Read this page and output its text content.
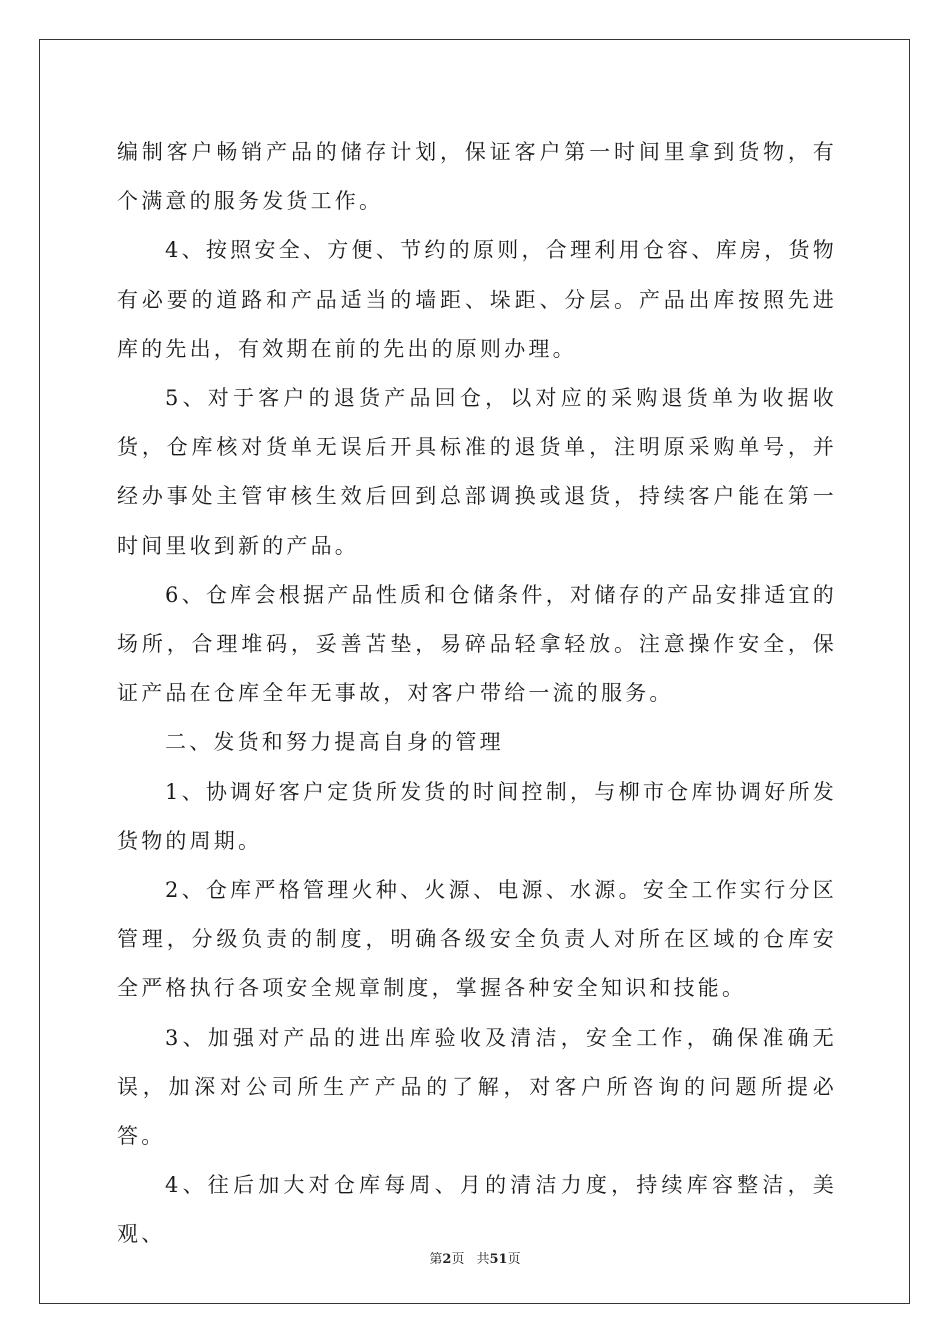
编制客户畅销产品的储存计划，保证客户第一时间里拿到货物，有个满意的服务发货工作。

4、按照安全、方便、节约的原则，合理利用仓容、库房，货物有必要的道路和产品适当的墙距、垛距、分层。产品出库按照先进库的先出，有效期在前的先出的原则办理。

5、对于客户的退货产品回仓，以对应的采购退货单为收据收货，仓库核对货单无误后开具标准的退货单，注明原采购单号，并经办事处主管审核生效后回到总部调换或退货，持续客户能在第一时间里收到新的产品。

6、仓库会根据产品性质和仓储条件，对储存的产品安排适宜的场所，合理堆码，妥善苫垫，易碎品轻拿轻放。注意操作安全，保证产品在仓库全年无事故，对客户带给一流的服务。

二、发货和努力提高自身的管理

1、协调好客户定货所发货的时间控制，与柳市仓库协调好所发货物的周期。

2、仓库严格管理火种、火源、电源、水源。安全工作实行分区管理，分级负责的制度，明确各级安全负责人对所在区域的仓库安全严格执行各项安全规章制度，掌握各种安全知识和技能。

3、加强对产品的进出库验收及清洁，安全工作，确保准确无误，加深对公司所生产产品的了解，对客户所咨询的问题所提必答。

4、往后加大对仓库每周、月的清洁力度，持续库容整洁，美观、

第2页 共51页
